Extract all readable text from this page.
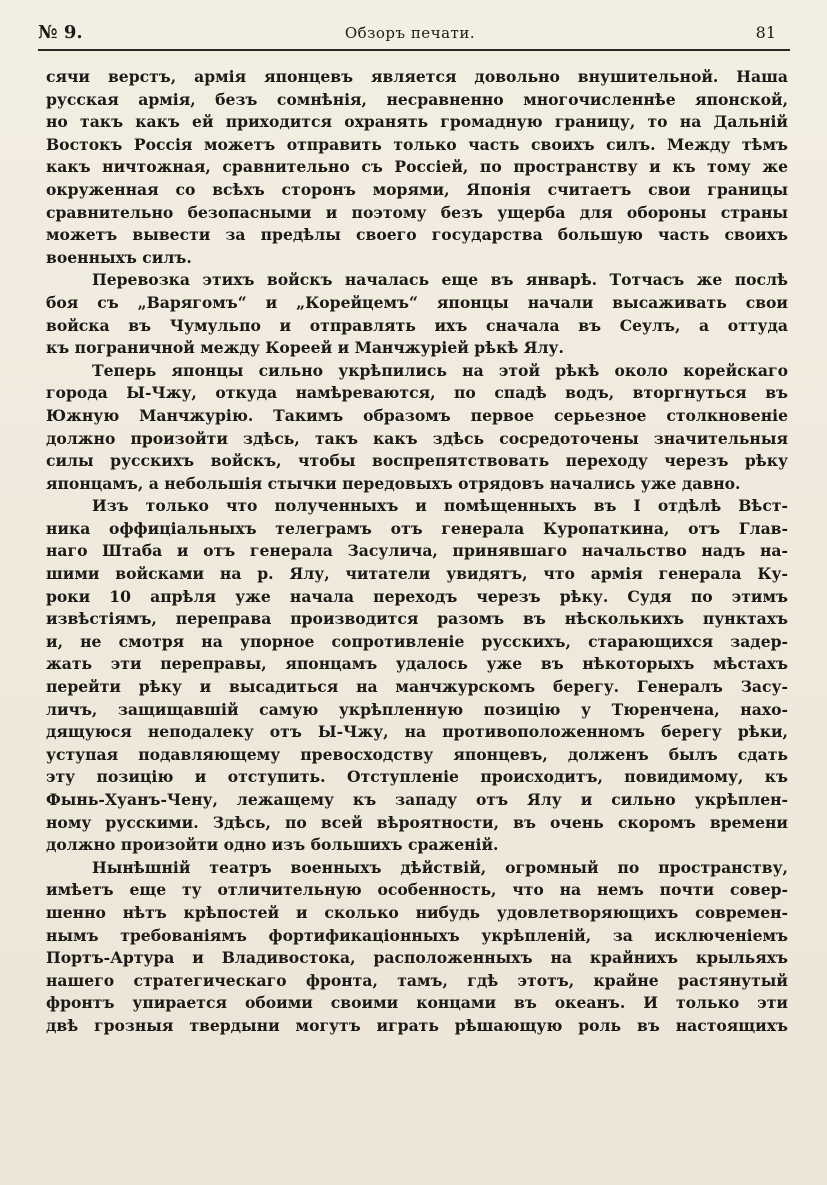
№ 9.	Обзоръ печати.	81
сячи верстъ, армія японцевъ является довольно внушительной. Наша
русская армія, безъ сомнѣнія, несравненно многочисленнѣе японской,
но такъ какъ ей приходится охранять громадную границу, то на Дальній
Востокъ Россія можетъ отправить только часть своихъ силъ. Между тѣмъ
какъ ничтожная, сравнительно съ Россіей, по пространству и къ тому же
окруженная со всѣхъ сторонъ морями, Японія считаетъ свои границы
сравнительно безопасными и поэтому безъ ущерба для обороны страны
можетъ вывести за предѣлы своего государства большую часть своихъ
военныхъ силъ.
Перевозка этихъ войскъ началась еще въ январѣ. Тотчасъ же послѣ
боя съ „Варягомъ“ и „Корейцемъ“ японцы начали высаживать свои
войска въ Чумульпо и отправлять ихъ сначала въ Сеулъ, а оттуда
къ пограничной между Кореей и Манчжуріей рѣкѣ Ялу.
Теперь японцы сильно укрѣпились на этой рѣкѣ около корейскаго
города Ы-Чжу, откуда намѣреваются, по спадѣ водъ, вторгнуться въ
Южную Манчжурію. Такимъ образомъ первое серьезное столкновеніе
должно произойти здѣсь, такъ какъ здѣсь сосредоточены значительныя
силы русскихъ войскъ, чтобы воспрепятствовать переходу черезъ рѣку
японцамъ, а небольшія стычки передовыхъ отрядовъ начались уже давно.
Изъ только что полученныхъ и помѣщенныхъ въ I отдѣлѣ Вѣст-
ника оффиціальныхъ телеграмъ отъ генерала Куропаткина, отъ Глав-
наго Штаба и отъ генерала Засулича, принявшаго начальство надъ на-
шими войсками на р. Ялу, читатели увидятъ, что армія генерала Ку-
роки 10 апрѣля уже начала переходъ черезъ рѣку. Судя по этимъ
извѣстіямъ, переправа производится разомъ въ нѣсколькихъ пунктахъ
и, не смотря на упорное сопротивленіе русскихъ, старающихся задер-
жать эти переправы, японцамъ удалось уже въ нѣкоторыхъ мѣстахъ
перейти рѣку и высадиться на манчжурскомъ берегу. Генералъ Засу-
личъ, защищавшій самую укрѣпленную позицію у Тюренчена, нахо-
дящуюся неподалеку отъ Ы-Чжу, на противоположенномъ берегу рѣки,
уступая подавляющему превосходству японцевъ, долженъ былъ сдать
эту позицію и отступить. Отступленіе происходитъ, повидимому, къ
Фынь-Хуанъ-Чену, лежащему къ западу отъ Ялу и сильно укрѣплен-
ному русскими. Здѣсь, по всей вѣроятности, въ очень скоромъ времени
должно произойти одно изъ большихъ сраженій.
Нынѣшній театръ военныхъ дѣйствій, огромный по пространству,
имѣетъ еще ту отличительную особенность, что на немъ почти совер-
шенно нѣтъ крѣпостей и сколько нибудь удовлетворяющихъ современ-
нымъ требованіямъ фортификаціонныхъ укрѣпленій, за исключеніемъ
Портъ-Артура и Владивостока, расположенныхъ на крайнихъ крыльяхъ
нашего стратегическаго фронта, тамъ, гдѣ этотъ, крайне растянутый
фронтъ упирается обоими своими концами въ океанъ. И только эти
двѣ грозныя твердыни могутъ играть рѣшающую роль въ настоящихъ
